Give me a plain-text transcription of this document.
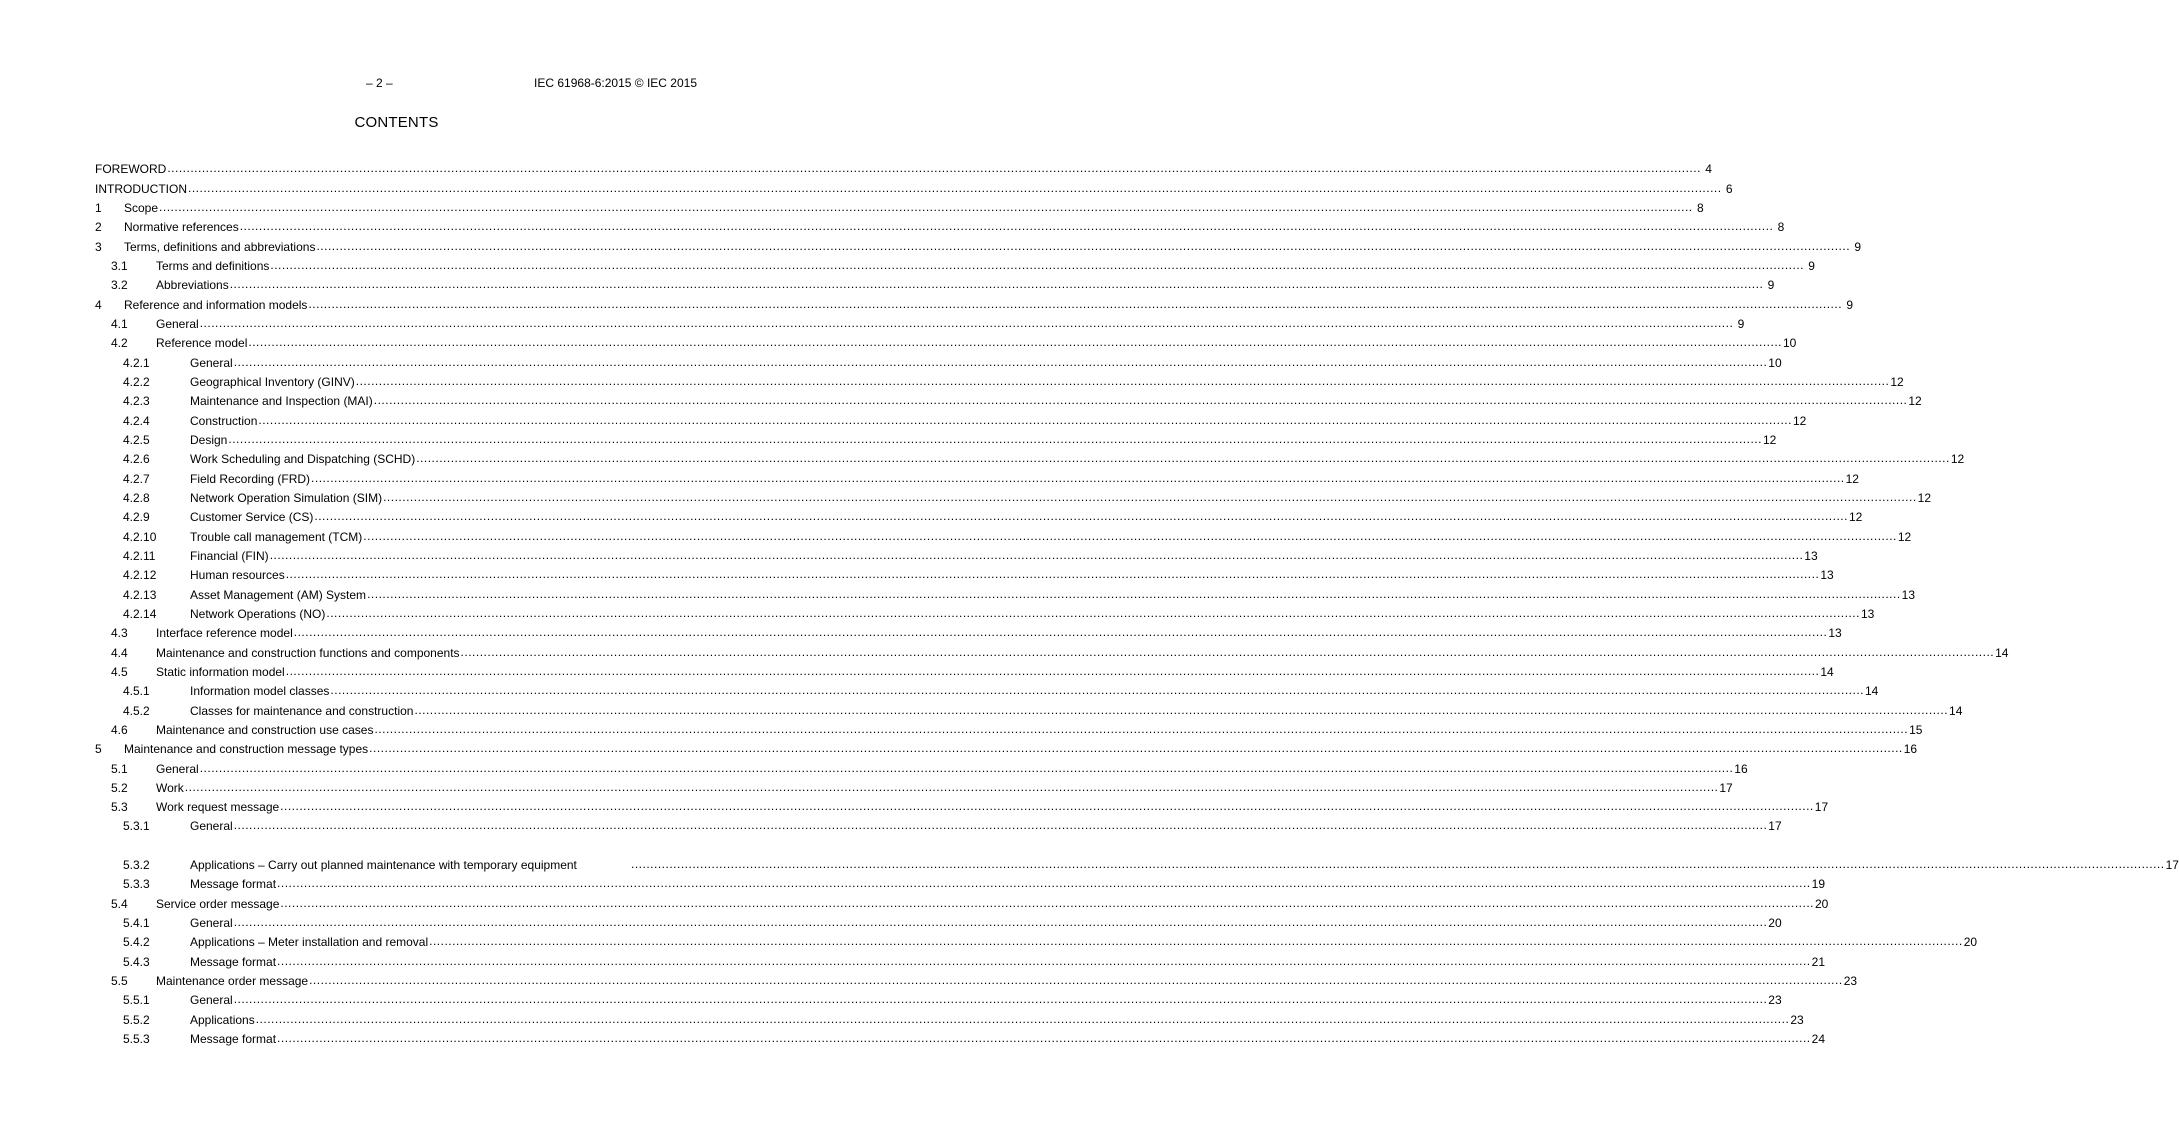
– 2 –	IEC 61968-6:2015 © IEC 2015
CONTENTS
FOREWORD ................................................................................................................................................................................................................................................................................................................................................................................................................ 4
INTRODUCTION ................................................................................................................................................................................................................................................................................................................................................................................................................ 6
1	Scope ................................................................................................................................................................................................................................................................................................................................................................................................................ 8
2	Normative references ................................................................................................................................................................................................................................................................................................................................................................................................................ 8
3	Terms, definitions and abbreviations ................................................................................................................................................................................................................................................................................................................................................................................................................ 9
3.1	Terms and definitions ................................................................................................................................................................................................................................................................................................................................................................................................................ 9
3.2	Abbreviations ................................................................................................................................................................................................................................................................................................................................................................................................................ 9
4	Reference and information models ................................................................................................................................................................................................................................................................................................................................................................................................................ 9
4.1	General ................................................................................................................................................................................................................................................................................................................................................................................................................ 9
4.2	Reference model ................................................................................................................................................................................................................................................................................................................................................................................................................ 10
4.2.1	General ................................................................................................................................................................................................................................................................................................................................................................................................................ 10
4.2.2	Geographical Inventory (GINV) ................................................................................................................................................................................................................................................................................................................................................................................................................ 12
4.2.3	Maintenance and Inspection (MAI) ................................................................................................................................................................................................................................................................................................................................................................................................................ 12
4.2.4	Construction ................................................................................................................................................................................................................................................................................................................................................................................................................ 12
4.2.5	Design ................................................................................................................................................................................................................................................................................................................................................................................................................ 12
4.2.6	Work Scheduling and Dispatching (SCHD) ................................................................................................................................................................................................................................................................................................................................................................................................................ 12
4.2.7	Field Recording (FRD) ................................................................................................................................................................................................................................................................................................................................................................................................................ 12
4.2.8	Network Operation Simulation (SIM) ................................................................................................................................................................................................................................................................................................................................................................................................................ 12
4.2.9	Customer Service (CS) ................................................................................................................................................................................................................................................................................................................................................................................................................ 12
4.2.10	Trouble call management (TCM) ................................................................................................................................................................................................................................................................................................................................................................................................................ 12
4.2.11	Financial (FIN) ................................................................................................................................................................................................................................................................................................................................................................................................................ 13
4.2.12	Human resources ................................................................................................................................................................................................................................................................................................................................................................................................................ 13
4.2.13	Asset Management (AM) System ................................................................................................................................................................................................................................................................................................................................................................................................................ 13
4.2.14	Network Operations (NO) ................................................................................................................................................................................................................................................................................................................................................................................................................ 13
4.3	Interface reference model ................................................................................................................................................................................................................................................................................................................................................................................................................ 13
4.4	Maintenance and construction functions and components ................................................................................................................................................................................................................................................................................................................................................................................................................ 14
4.5	Static information model ................................................................................................................................................................................................................................................................................................................................................................................................................ 14
4.5.1	Information model classes ................................................................................................................................................................................................................................................................................................................................................................................................................ 14
4.5.2	Classes for maintenance and construction ................................................................................................................................................................................................................................................................................................................................................................................................................ 14
4.6	Maintenance and construction use cases ................................................................................................................................................................................................................................................................................................................................................................................................................ 15
5	Maintenance and construction message types ................................................................................................................................................................................................................................................................................................................................................................................................................ 16
5.1	General ................................................................................................................................................................................................................................................................................................................................................................................................................ 16
5.2	Work ................................................................................................................................................................................................................................................................................................................................................................................................................ 17
5.3	Work request message ................................................................................................................................................................................................................................................................................................................................................................................................................ 17
5.3.1	General ................................................................................................................................................................................................................................................................................................................................................................................................................ 17
5.3.2	Applications – Carry out planned maintenance with temporary equipment	................................................................................................................................................................................................................................................................................................................................................................................................................ 17
5.3.3	Message format ................................................................................................................................................................................................................................................................................................................................................................................................................ 19
5.4	Service order message ................................................................................................................................................................................................................................................................................................................................................................................................................ 20
5.4.1	General ................................................................................................................................................................................................................................................................................................................................................................................................................ 20
5.4.2	Applications – Meter installation and removal ................................................................................................................................................................................................................................................................................................................................................................................................................ 20
5.4.3	Message format ................................................................................................................................................................................................................................................................................................................................................................................................................ 21
5.5	Maintenance order message ................................................................................................................................................................................................................................................................................................................................................................................................................ 23
5.5.1	General ................................................................................................................................................................................................................................................................................................................................................................................................................ 23
5.5.2	Applications ................................................................................................................................................................................................................................................................................................................................................................................................................ 23
5.5.3	Message format ................................................................................................................................................................................................................................................................................................................................................................................................................ 24
